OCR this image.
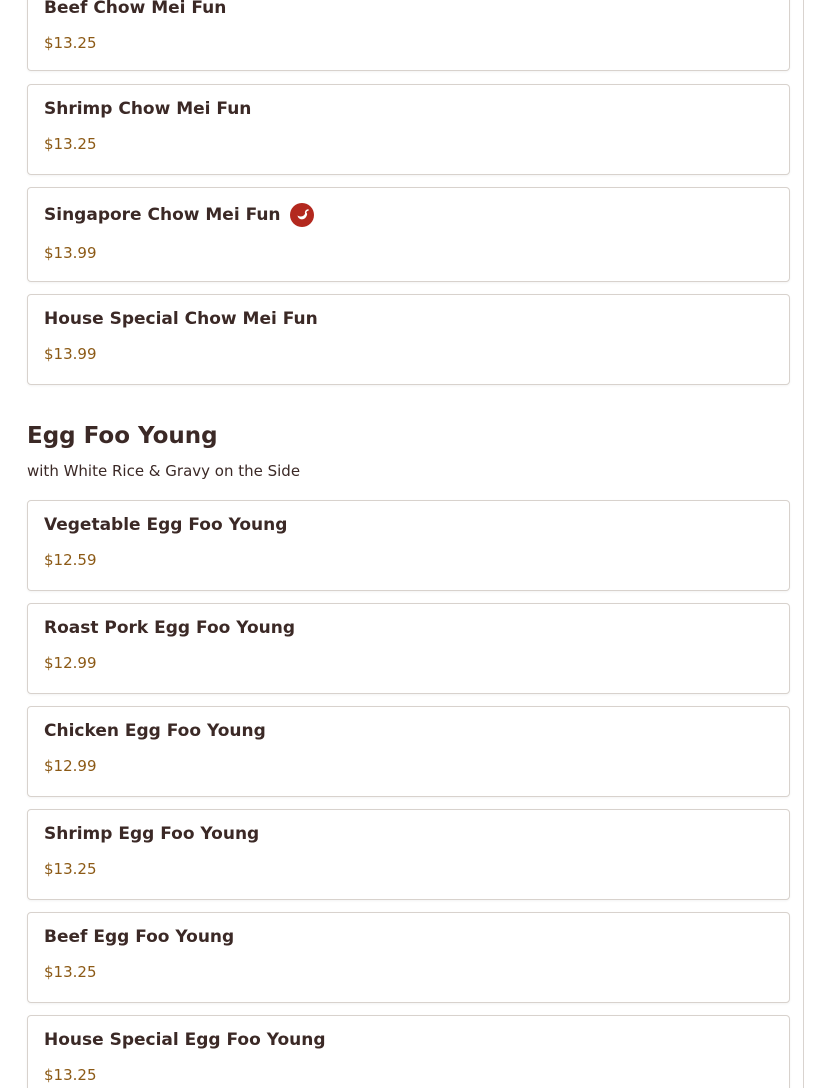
Beef Chow Mei Fun
$13.25
Shrimp Chow Mei Fun
$13.25
Singapore Chow Mei Fun
$13.99
House Special Chow Mei Fun
$13.99
Egg Foo Young
with White Rice & Gravy on the Side
Vegetable Egg Foo Young
$12.59
Roast Pork Egg Foo Young
$12.99
Chicken Egg Foo Young
$12.99
Shrimp Egg Foo Young
$13.25
Beef Egg Foo Young
$13.25
House Special Egg Foo Young
$13.25
